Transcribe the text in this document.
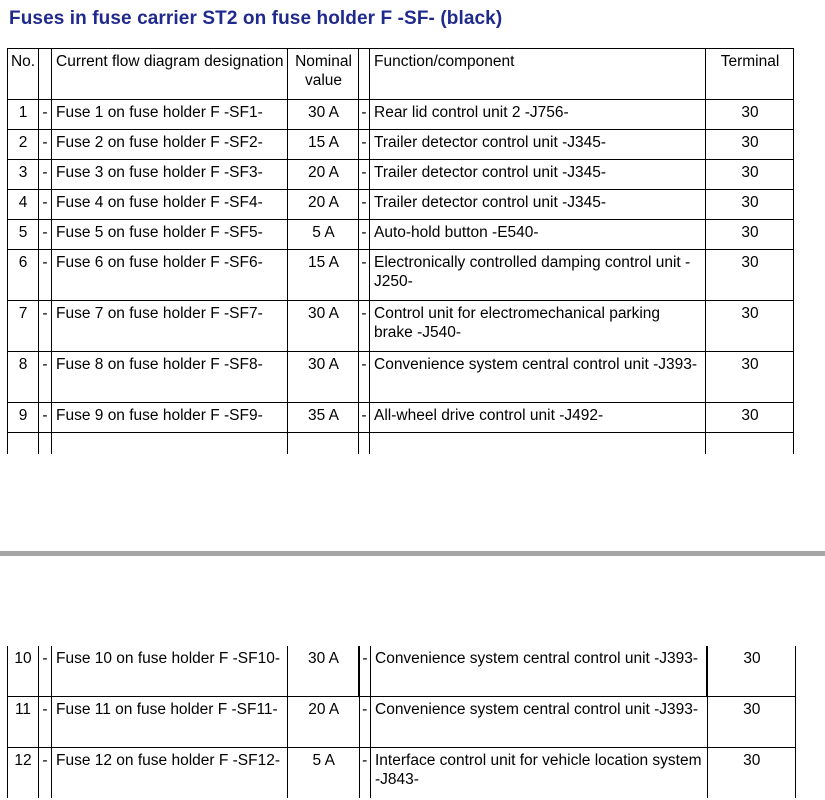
Fuses in fuse carrier ST2 on fuse holder F -SF- (black)
No.		Current flow diagram designation	Nominal value		Function/component	Terminal
1	-	Fuse 1 on fuse holder F -SF1-	30 A	-	Rear lid control unit 2 -J756-	30
2	-	Fuse 2 on fuse holder F -SF2-	15 A	-	Trailer detector control unit -J345-	30
3	-	Fuse 3 on fuse holder F -SF3-	20 A	-	Trailer detector control unit -J345-	30
4	-	Fuse 4 on fuse holder F -SF4-	20 A	-	Trailer detector control unit -J345-	30
5	-	Fuse 5 on fuse holder F -SF5-	5 A	-	Auto-hold button -E540-	30
6	-	Fuse 6 on fuse holder F -SF6-	15 A	-	Electronically controlled damping control unit -J250-	30
7	-	Fuse 7 on fuse holder F -SF7-	30 A	-	Control unit for electromechanical parking brake -J540-	30
8	-	Fuse 8 on fuse holder F -SF8-	30 A	-	Convenience system central control unit -J393-	30
9	-	Fuse 9 on fuse holder F -SF9-	35 A	-	All-wheel drive control unit -J492-	30

10	-	Fuse 10 on fuse holder F -SF10-	30 A	-	Convenience system central control unit -J393-	30
11	-	Fuse 11 on fuse holder F -SF11-	20 A	-	Convenience system central control unit -J393-	30
12	-	Fuse 12 on fuse holder F -SF12-	5 A	-	Interface control unit for vehicle location system -J843-	30
